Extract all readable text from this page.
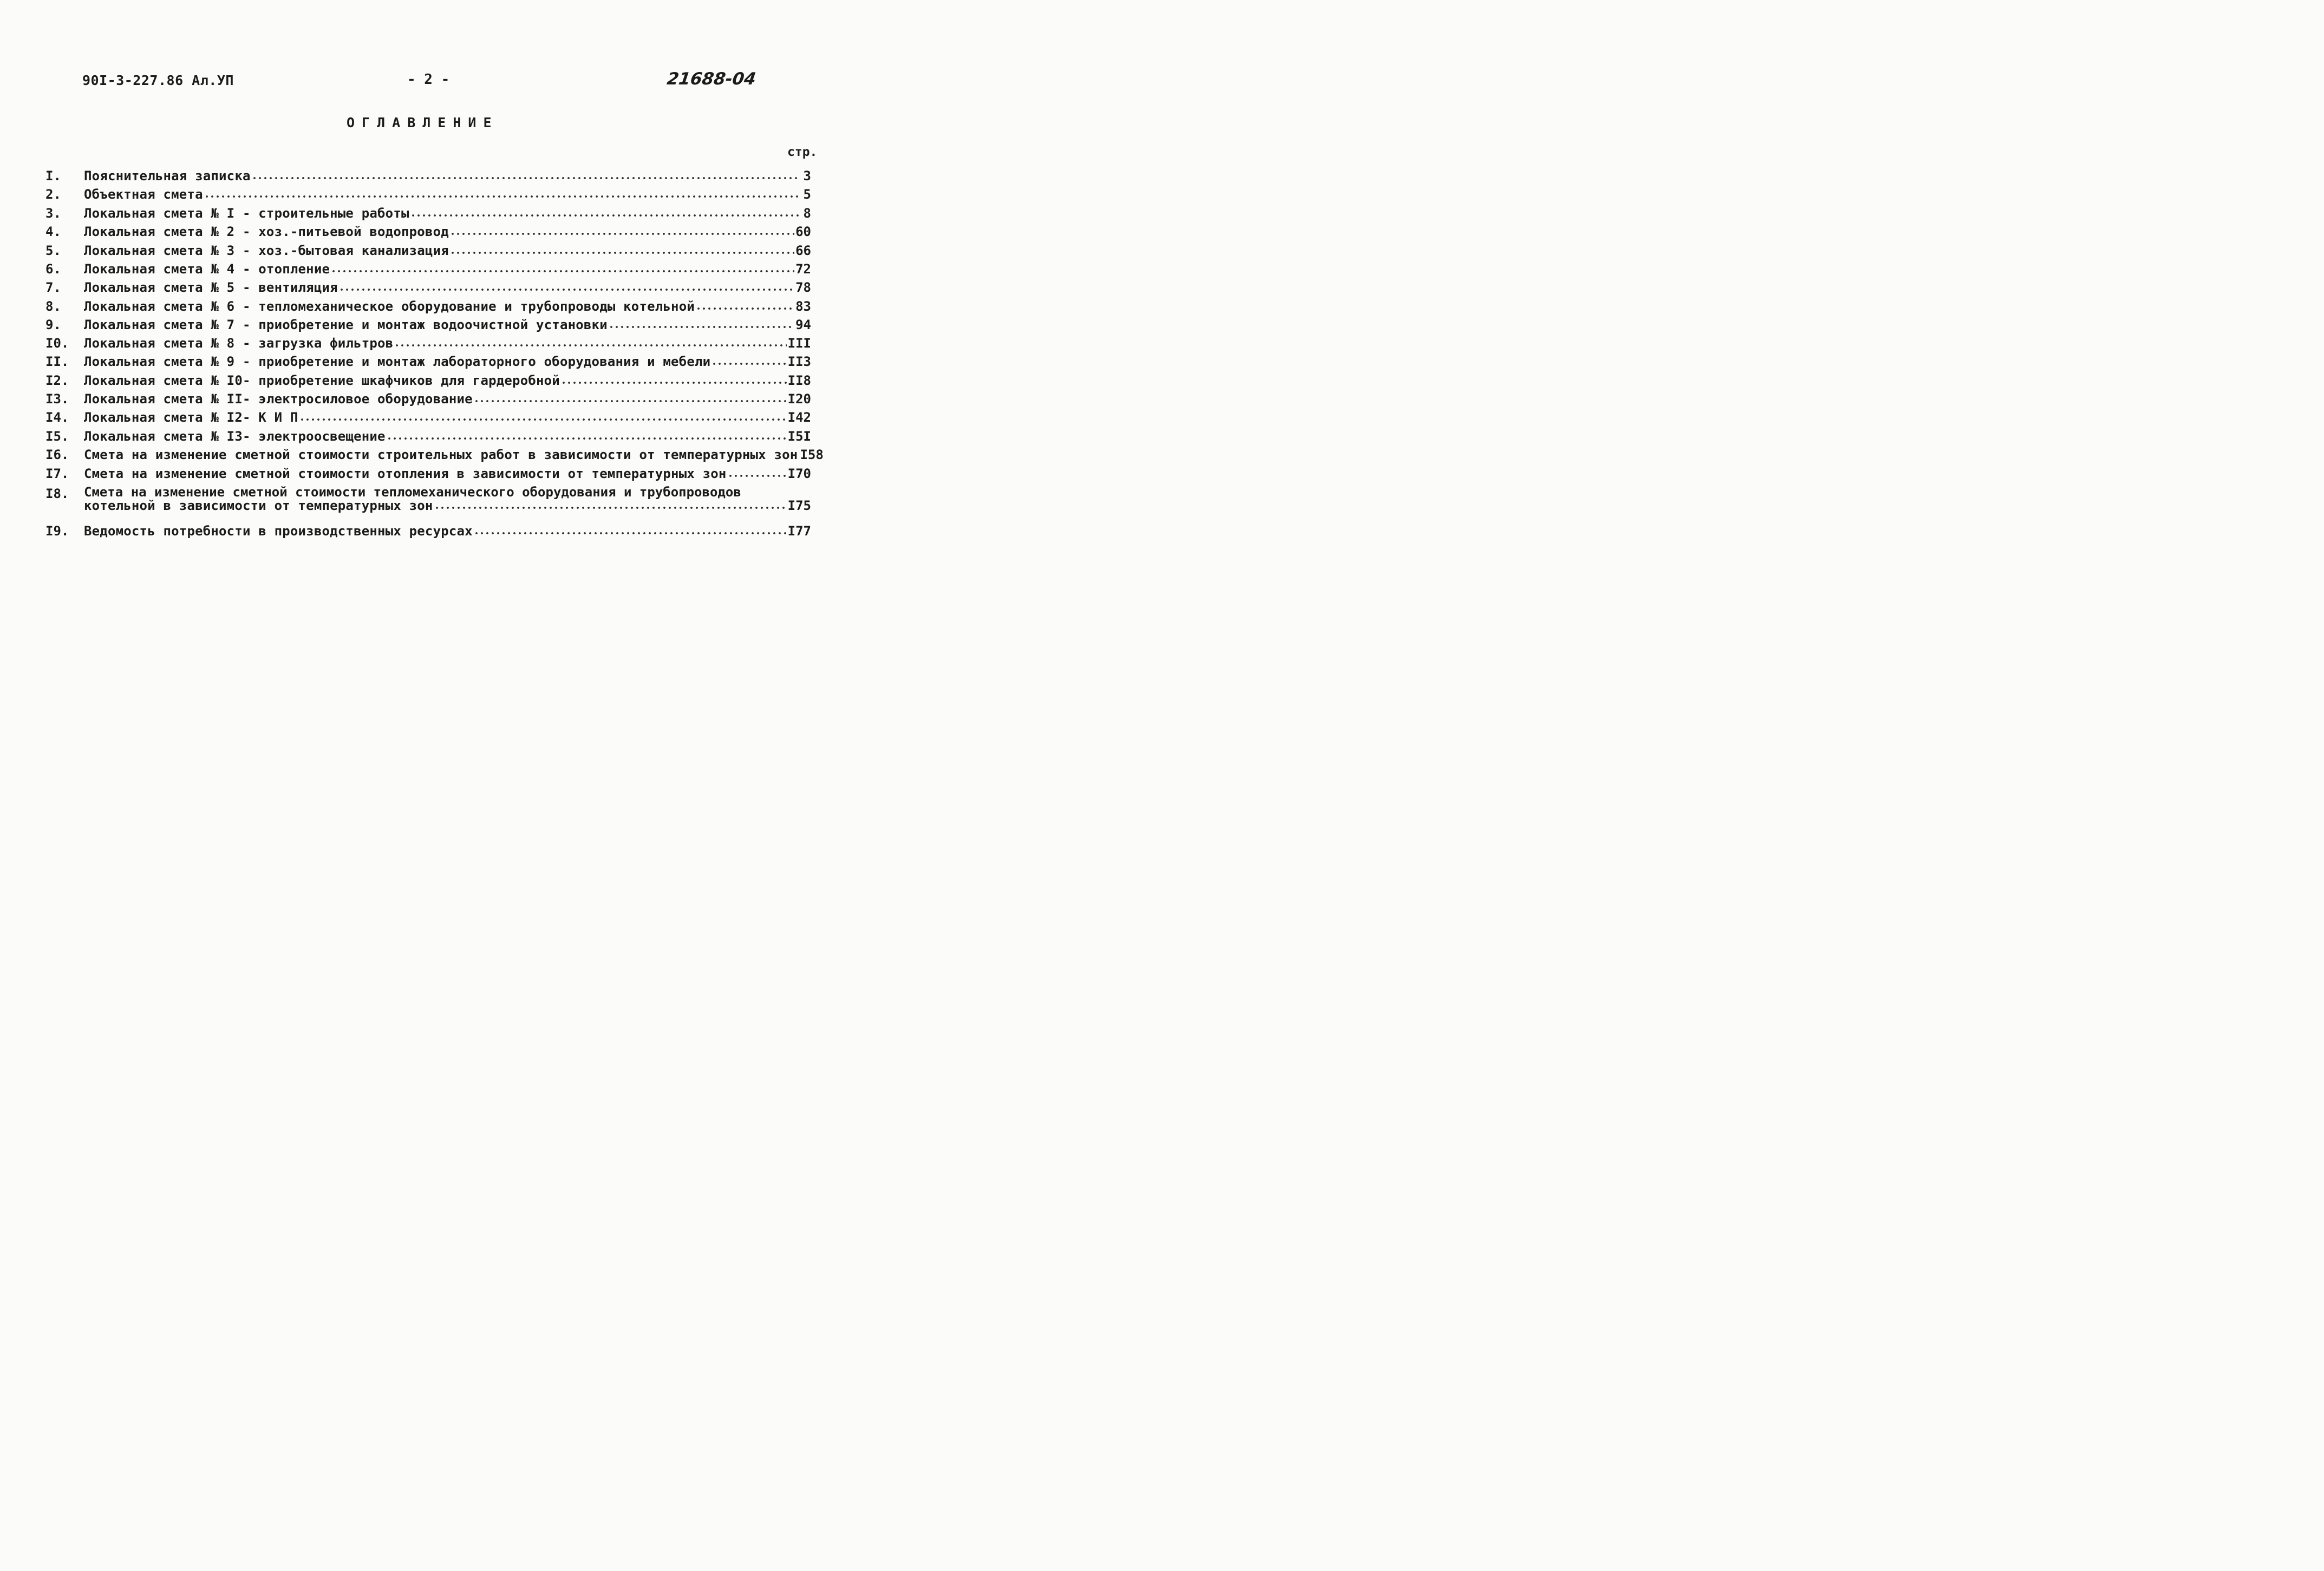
90I-3-227.86 Ал.УП	- 2 -	21688-04
ОГЛАВЛЕНИЕ
стр.
I. Пояснительная записка	3
2. Объектная смета	5
3. Локальная смета № I - строительные работы	8
4. Локальная смета № 2 - хоз.-питьевой водопровод	60
5. Локальная смета № 3 - хоз.-бытовая канализация	66
6. Локальная смета № 4 - отопление	72
7. Локальная смета № 5 - вентиляция	78
8. Локальная смета № 6 - тепломеханическое оборудование и трубопроводы котельной	83
9. Локальная смета № 7 - приобретение и монтаж водоочистной установки	94
I0. Локальная смета № 8 - загрузка фильтров	III
II. Локальная смета № 9 - приобретение и монтаж лабораторного оборудования и мебели	II3
I2. Локальная смета № I0- приобретение шкафчиков для гардеробной	II8
I3. Локальная смета № II- электросиловое оборудование	I20
I4. Локальная смета № I2- К И П	I42
I5. Локальная смета № I3- электроосвещение	I5I
I6. Смета на изменение сметной стоимости строительных работ в зависимости от температурных зон I58
I7. Смета на изменение сметной стоимости отопления в зависимости от температурных зон	I70
I8. Смета на изменение сметной стоимости тепломеханического оборудования и трубопроводов
котельной в зависимости от температурных зон	I75
I9. Ведомость потребности в производственных ресурсах	I77
